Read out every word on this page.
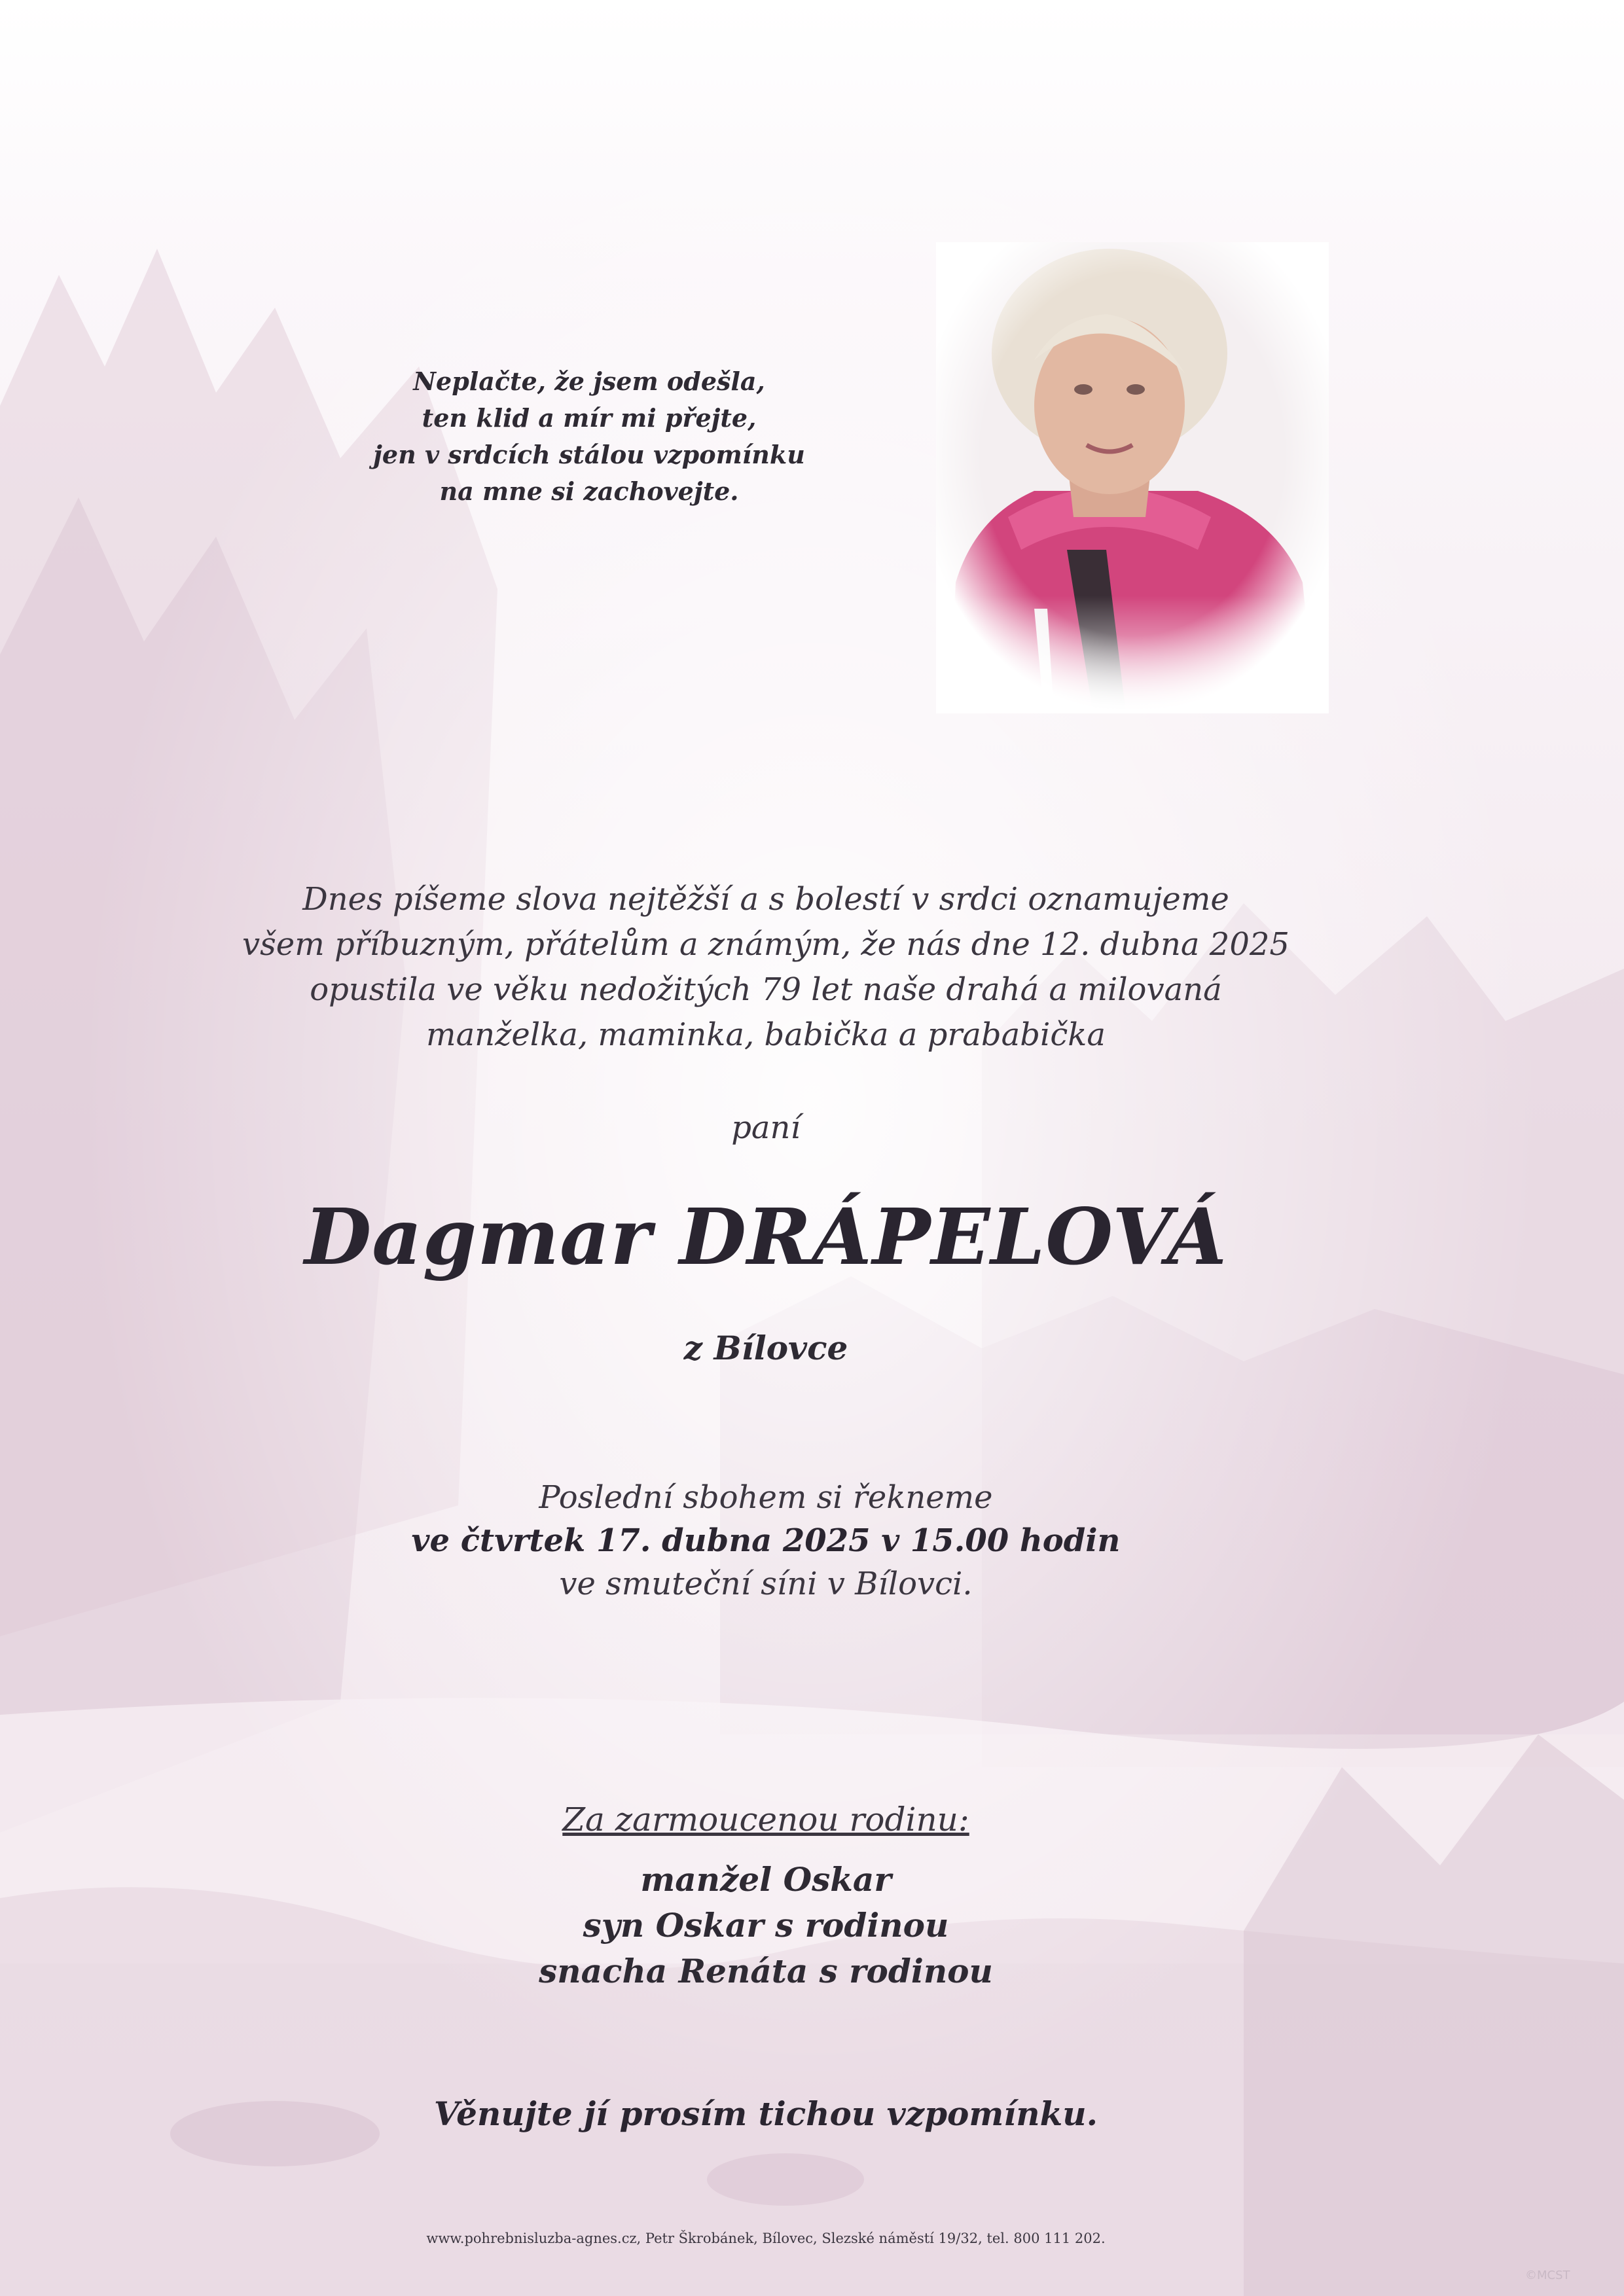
Neplačte, že jsem odešla,
ten klid a mír mi přejte,
jen v srdcích stálou vzpomínku
na mne si zachovejte.
Dnes píšeme slova nejtěžší a s bolestí v srdci oznamujeme
všem příbuzným, přátelům a známým, že nás dne 12. dubna 2025
opustila ve věku nedožitých 79 let naše drahá a milovaná
manželka, maminka, babička a prababička
paní
Dagmar DRÁPELOVÁ
z Bílovce
Poslední sbohem si řekneme
ve čtvrtek 17. dubna 2025 v 15.00 hodin
ve smuteční síni v Bílovci.
Za zarmoucenou rodinu:
manžel Oskar
syn Oskar s rodinou
snacha Renáta s rodinou
Věnujte jí prosím tichou vzpomínku.
www.pohrebnisluzba-agnes.cz, Petr Škrobánek, Bílovec, Slezské náměstí 19/32, tel. 800 111 202.
©MCST
